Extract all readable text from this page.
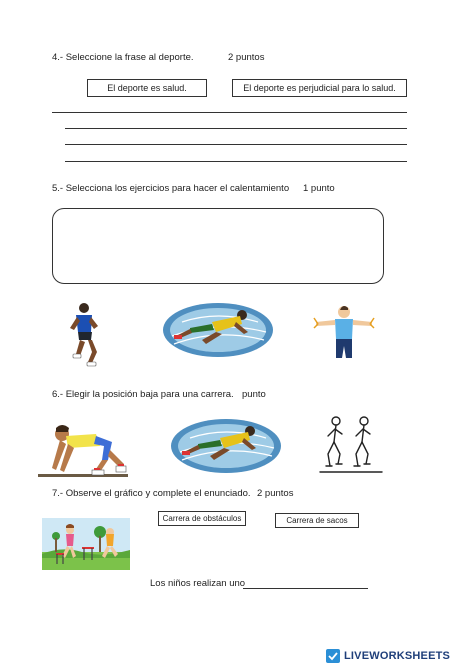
4.- Seleccione la frase al deporte.	2 puntos
El deporte es salud.	El deporte es perjudicial para lo salud.
5.- Selecciona los ejercicios para hacer el calentamiento 1 punto
6.- Elegir la posición baja para una carrera. punto
7.- Observe el gráfico y complete el enunciado. 2 puntos
Carrera de obstáculos	Carrera de sacos
Los niños realizan uno
LIVEWORKSHEETS
